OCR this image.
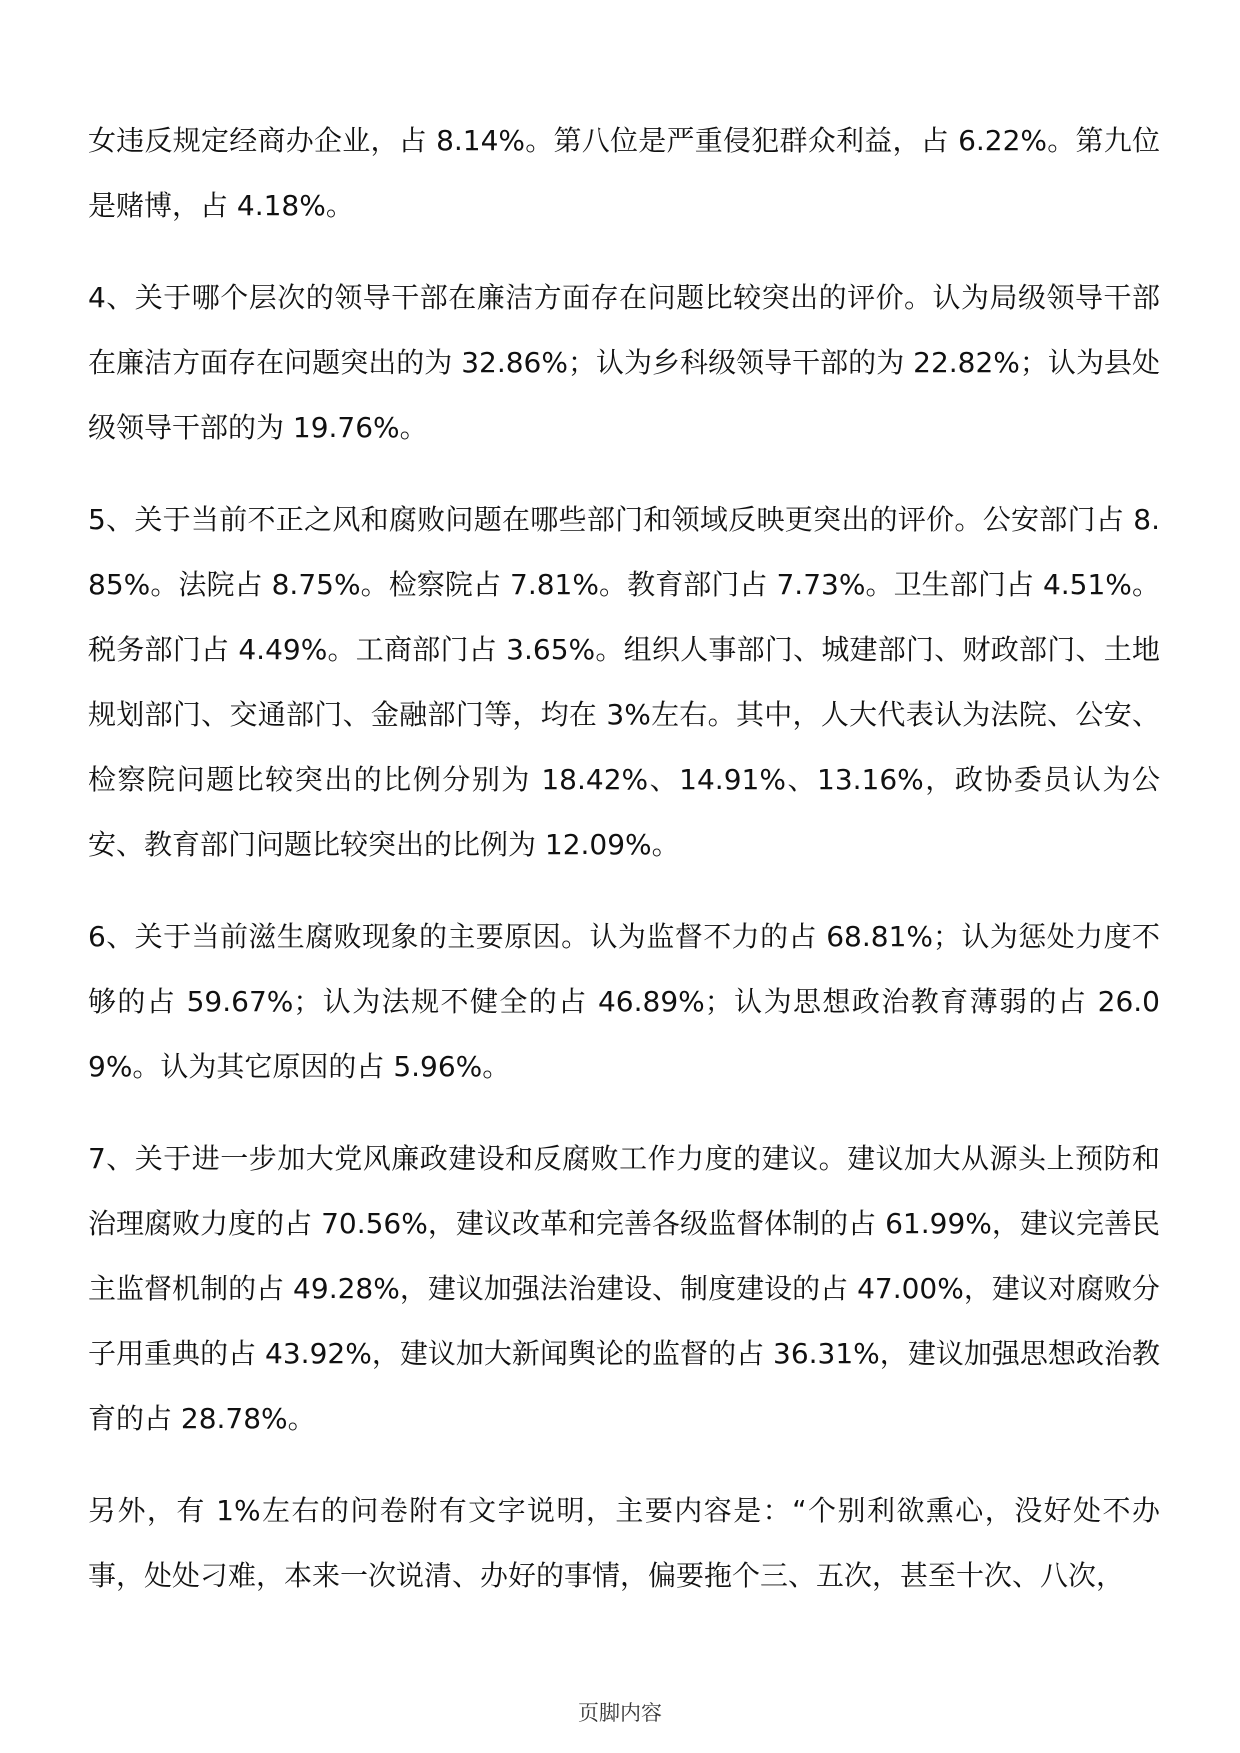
女违反规定经商办企业，占 8.14%。第八位是严重侵犯群众利益，占 6.22%。第九位是赌博，占 4.18%。

4、关于哪个层次的领导干部在廉洁方面存在问题比较突出的评价。认为局级领导干部在廉洁方面存在问题突出的为 32.86%；认为乡科级领导干部的为 22.82%；认为县处级领导干部的为 19.76%。

5、关于当前不正之风和腐败问题在哪些部门和领域反映更突出的评价。公安部门占 8.85%。法院占 8.75%。检察院占 7.81%。教育部门占 7.73%。卫生部门占 4.51%。税务部门占 4.49%。工商部门占 3.65%。组织人事部门、城建部门、财政部门、土地规划部门、交通部门、金融部门等，均在 3%左右。其中，人大代表认为法院、公安、检察院问题比较突出的比例分别为 18.42%、14.91%、13.16%，政协委员认为公安、教育部门问题比较突出的比例为 12.09%。

6、关于当前滋生腐败现象的主要原因。认为监督不力的占 68.81%；认为惩处力度不够的占 59.67%；认为法规不健全的占 46.89%；认为思想政治教育薄弱的占 26.09%。认为其它原因的占 5.96%。

7、关于进一步加大党风廉政建设和反腐败工作力度的建议。建议加大从源头上预防和治理腐败力度的占 70.56%，建议改革和完善各级监督体制的占 61.99%，建议完善民主监督机制的占 49.28%，建议加强法治建设、制度建设的占 47.00%，建议对腐败分子用重典的占 43.92%，建议加大新闻舆论的监督的占 36.31%，建议加强思想政治教育的占 28.78%。

另外，有 1%左右的问卷附有文字说明，主要内容是：“个别利欲熏心，没好处不办事，处处刁难，本来一次说清、办好的事情，偏要拖个三、五次，甚至十次、八次，

页脚内容
